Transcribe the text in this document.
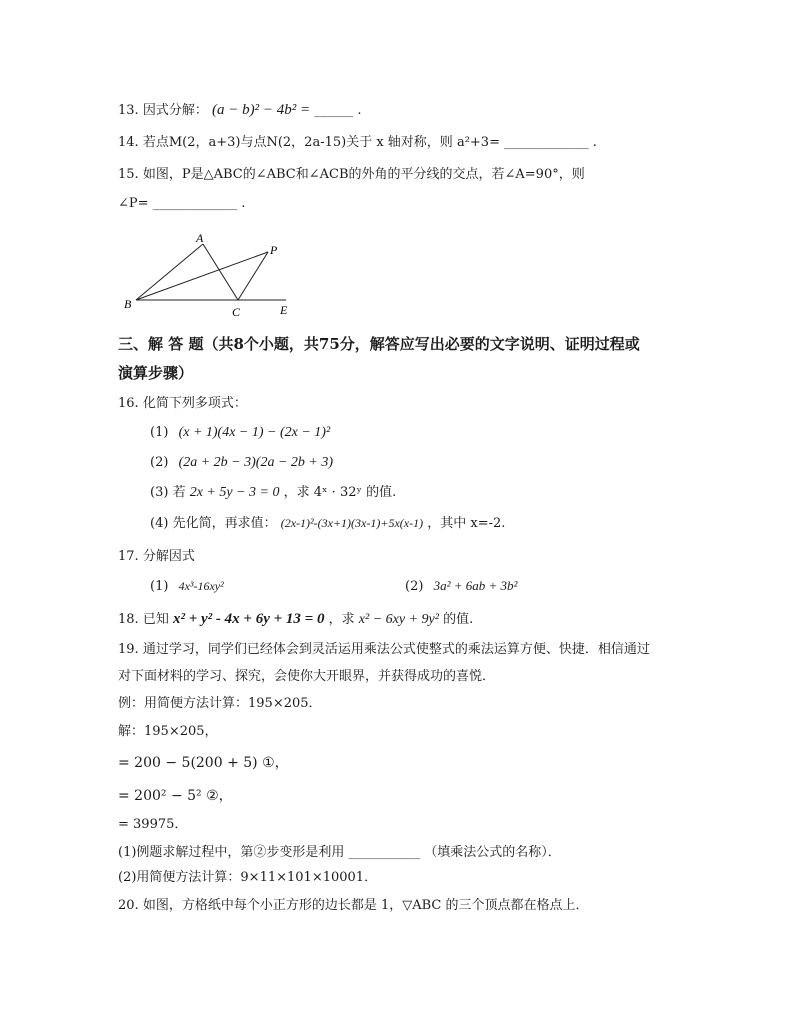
13. 因式分解： (a − b)² − 4b² = ______ .
14. 若点M(2，a+3)与点N(2，2a-15)关于 x 轴对称，则 a²+3= _____________ .
15. 如图，P是△ABC的∠ABC和∠ACB的外角的平分线的交点，若∠A=90°，则
∠P= _____________ .
A
B
C
P
E
三、解 答 题（共8个小题，共75分，解答应写出必要的文字说明、证明过程或
演算步骤）
16. 化简下列多项式：
(1) (x + 1)(4x − 1) − (2x − 1)²
(2) (2a + 2b − 3)(2a − 2b + 3)
(3) 若 2x + 5y − 3 = 0 ，求 4ˣ · 32ʸ 的值.
(4) 先化简，再求值： (2x-1)²-(3x+1)(3x-1)+5x(x-1) ，其中 x=-2.
17. 分解因式
(1) 4x³-16xy²	(2) 3a² + 6ab + 3b²
18. 已知 x² + y² - 4x + 6y + 13 = 0 ，求 x² − 6xy + 9y² 的值.
19. 通过学习，同学们已经体会到灵活运用乘法公式使整式的乘法运算方便、快捷．相信通过
对下面材料的学习、探究，会使你大开眼界，并获得成功的喜悦．
例：用简便方法计算：195×205．
解：195×205，
= 200 − 5(200 + 5) ①，
= 200² − 5² ②，
= 39975．
(1)例题求解过程中，第②步变形是利用 ___________ （填乘法公式的名称）．
(2)用简便方法计算：9×11×101×10001．
20. 如图，方格纸中每个小正方形的边长都是 1，▽ABC 的三个顶点都在格点上．
